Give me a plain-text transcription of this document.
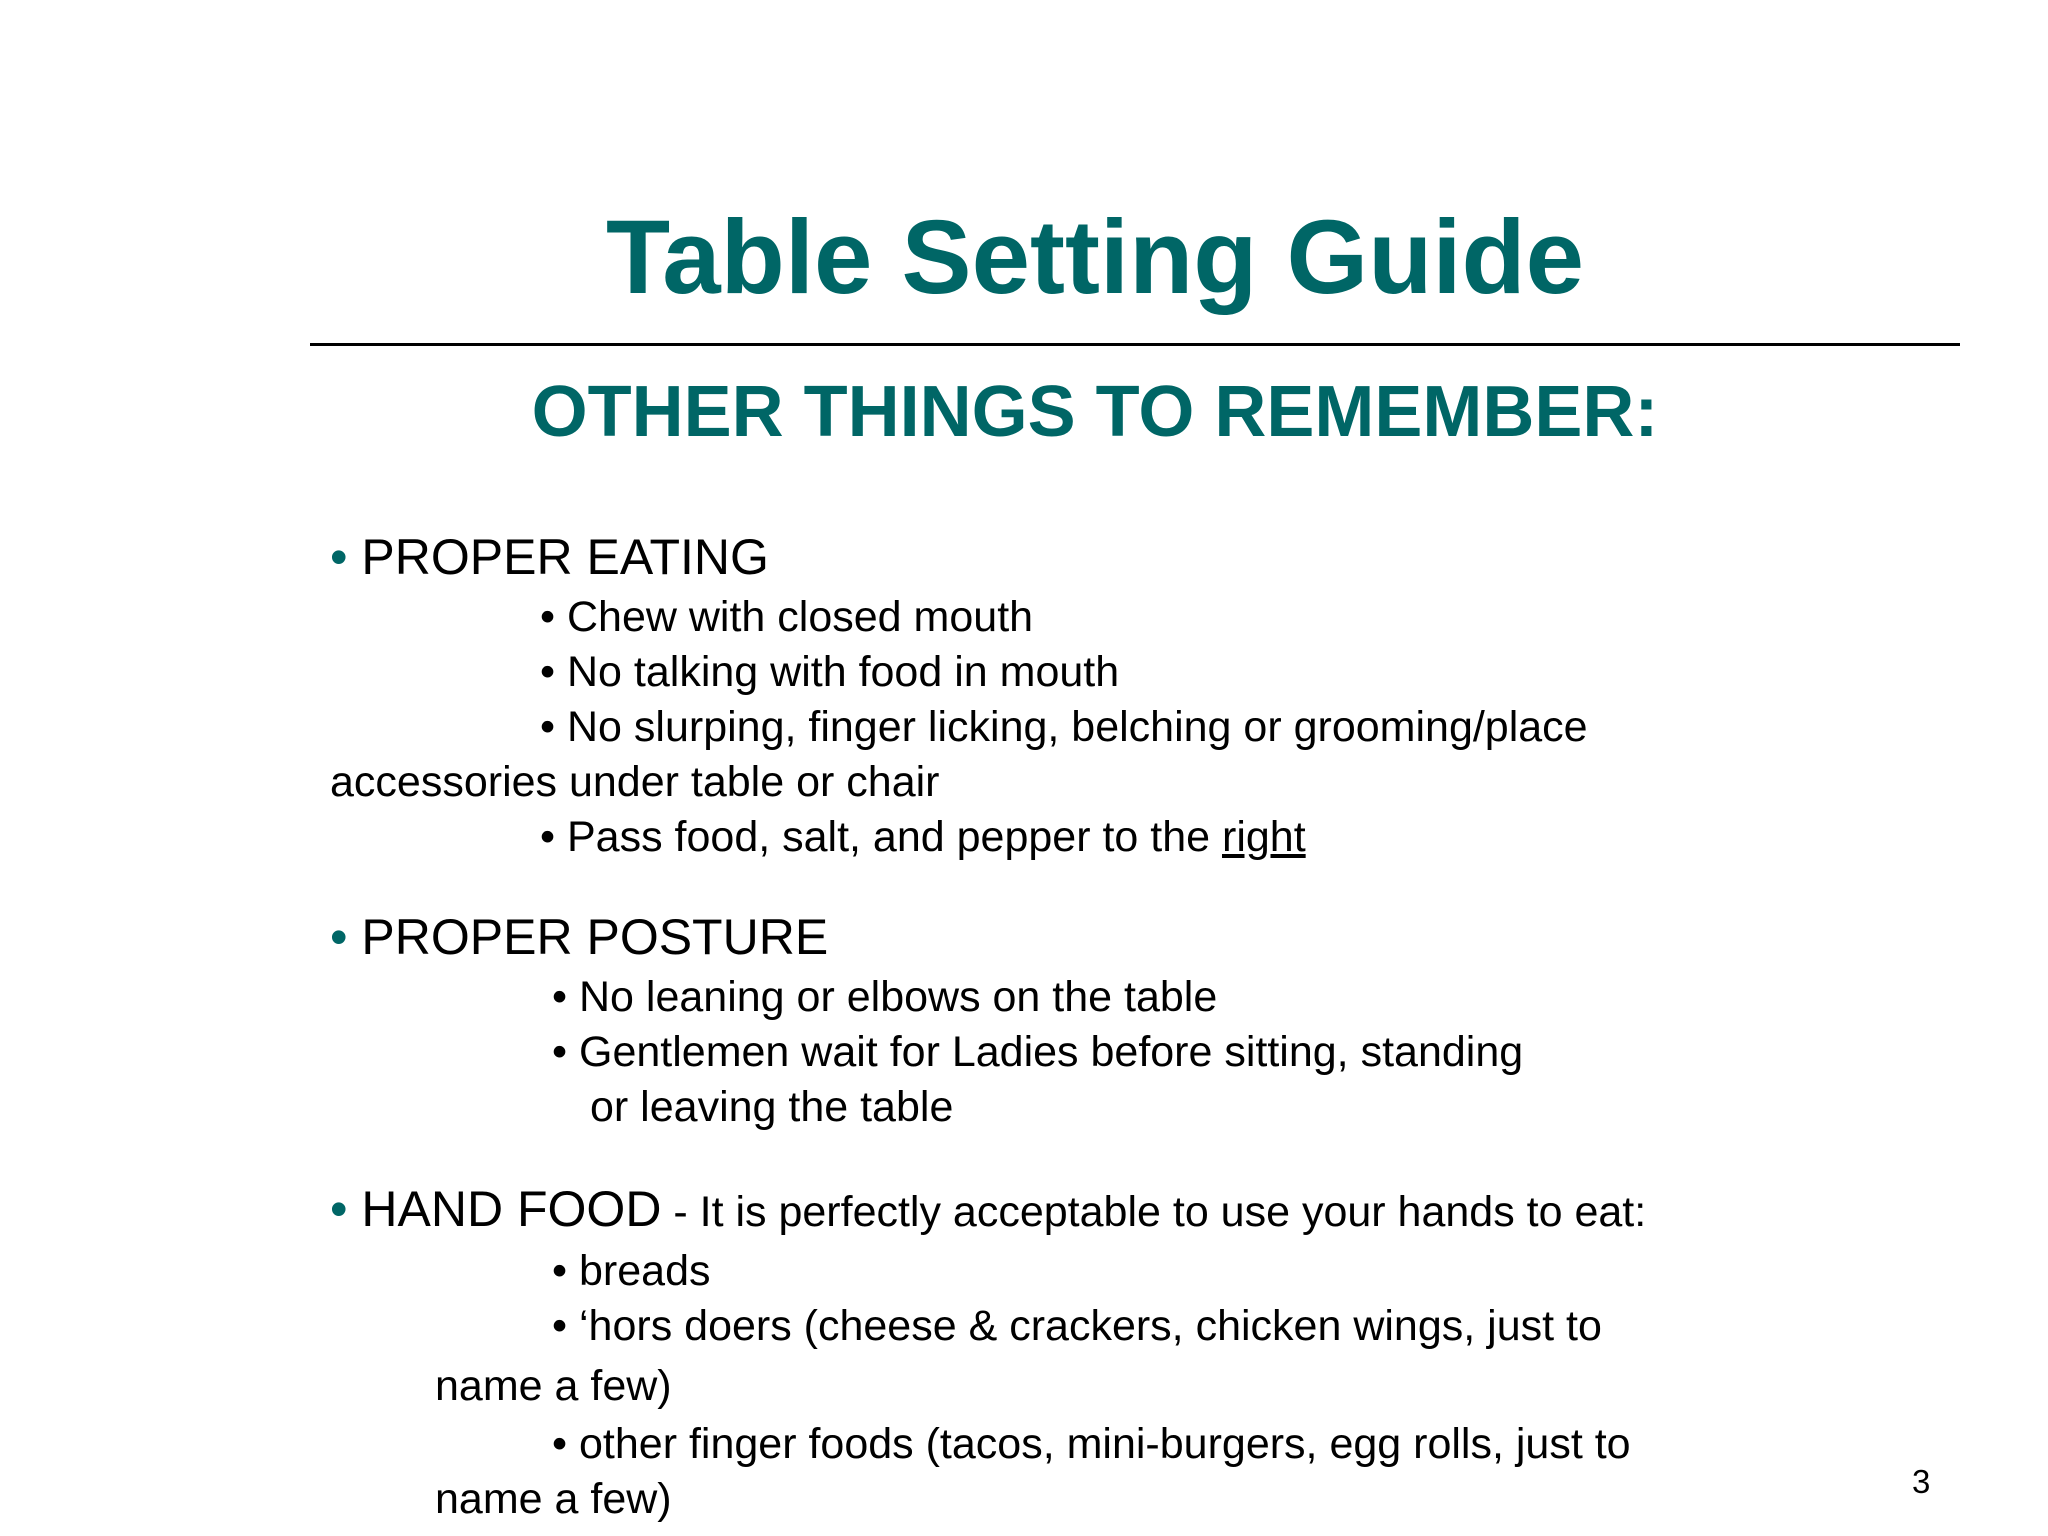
Table Setting Guide
OTHER THINGS TO REMEMBER:
• PROPER EATING
• Chew with closed mouth
• No talking with food in mouth
• No slurping, finger licking, belching or grooming/place
accessories under table or chair
• Pass food, salt, and pepper to the right
• PROPER POSTURE
• No leaning or elbows on the table
• Gentlemen wait for Ladies before sitting, standing
or leaving the table
• HAND FOOD - It is perfectly acceptable to use your hands to eat:
• breads
• ‘hors doers (cheese & crackers, chicken wings, just to
name a few)
• other finger foods (tacos, mini-burgers, egg rolls, just to
name a few)	3
